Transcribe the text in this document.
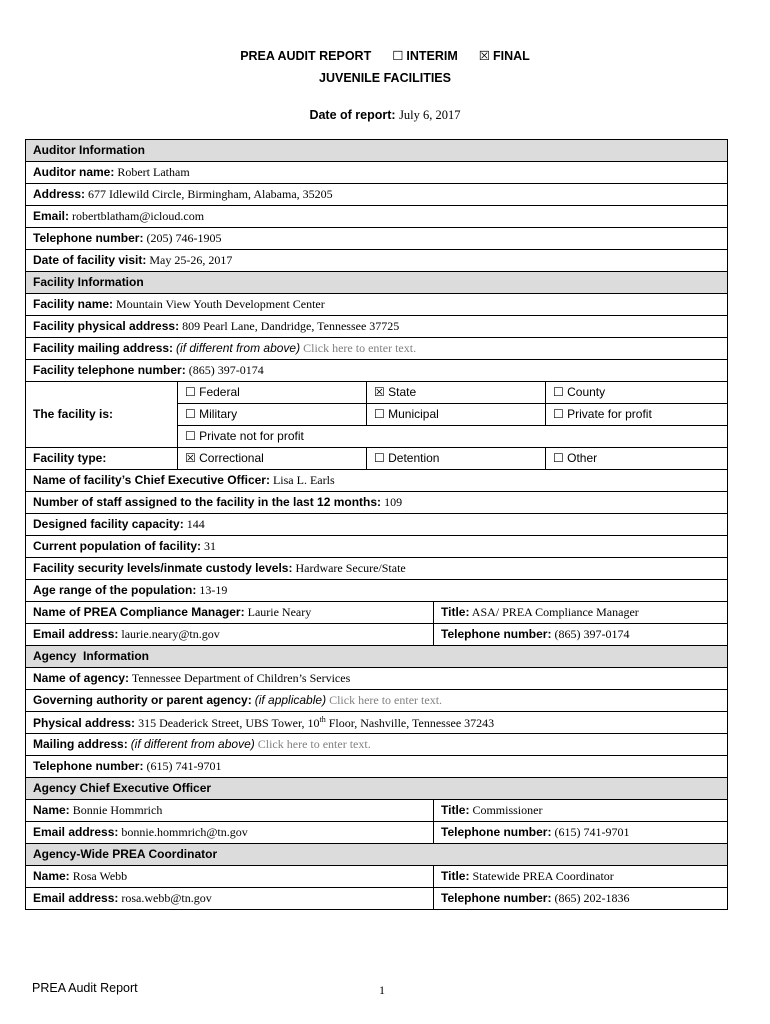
PREA AUDIT REPORT ☐ INTERIM ☒ FINAL
JUVENILE FACILITIES
Date of report: July 6, 2017
Auditor Information				
Auditor name: Robert Latham				
Address: 677 Idlewild Circle, Birmingham, Alabama, 35205				
Email: robertblatham@icloud.com				
Telephone number: (205) 746-1905				
Date of facility visit: May 25-26, 2017				
Facility Information				
Facility name: Mountain View Youth Development Center				
Facility physical address: 809 Pearl Lane, Dandridge, Tennessee 37725				
Facility mailing address: (if different from above) Click here to enter text.				
Facility telephone number: (865) 397-0174				
The facility is:	☐ Federal	☒ State		☐ County
	☐ Military	☐ Municipal		☐ Private for profit
	☐ Private not for profit			
Facility type:	☒ Correctional	☐ Detention		☐ Other
Name of facility’s Chief Executive Officer: Lisa L. Earls				
Number of staff assigned to the facility in the last 12 months: 109				
Designed facility capacity: 144				
Current population of facility: 31				
Facility security levels/inmate custody levels: Hardware Secure/State				
Age range of the population: 13-19				
Name of PREA Compliance Manager: Laurie Neary			Title: ASA/ PREA Compliance Manager	
Email address: laurie.neary@tn.gov			Telephone number: (865) 397-0174	
Agency  Information				
Name of agency: Tennessee Department of Children’s Services				
Governing authority or parent agency: (if applicable) Click here to enter text.				
Physical address: 315 Deaderick Street, UBS Tower, 10th Floor, Nashville, Tennessee 37243				
Mailing address: (if different from above) Click here to enter text.				
Telephone number: (615) 741-9701				
Agency Chief Executive Officer				
Name: Bonnie Hommrich			Title: Commissioner	
Email address: bonnie.hommrich@tn.gov			Telephone number: (615) 741-9701	
Agency-Wide PREA Coordinator				
Name: Rosa Webb			Title: Statewide PREA Coordinator	
Email address: rosa.webb@tn.gov			Telephone number: (865) 202-1836	
PREA Audit Report	1
